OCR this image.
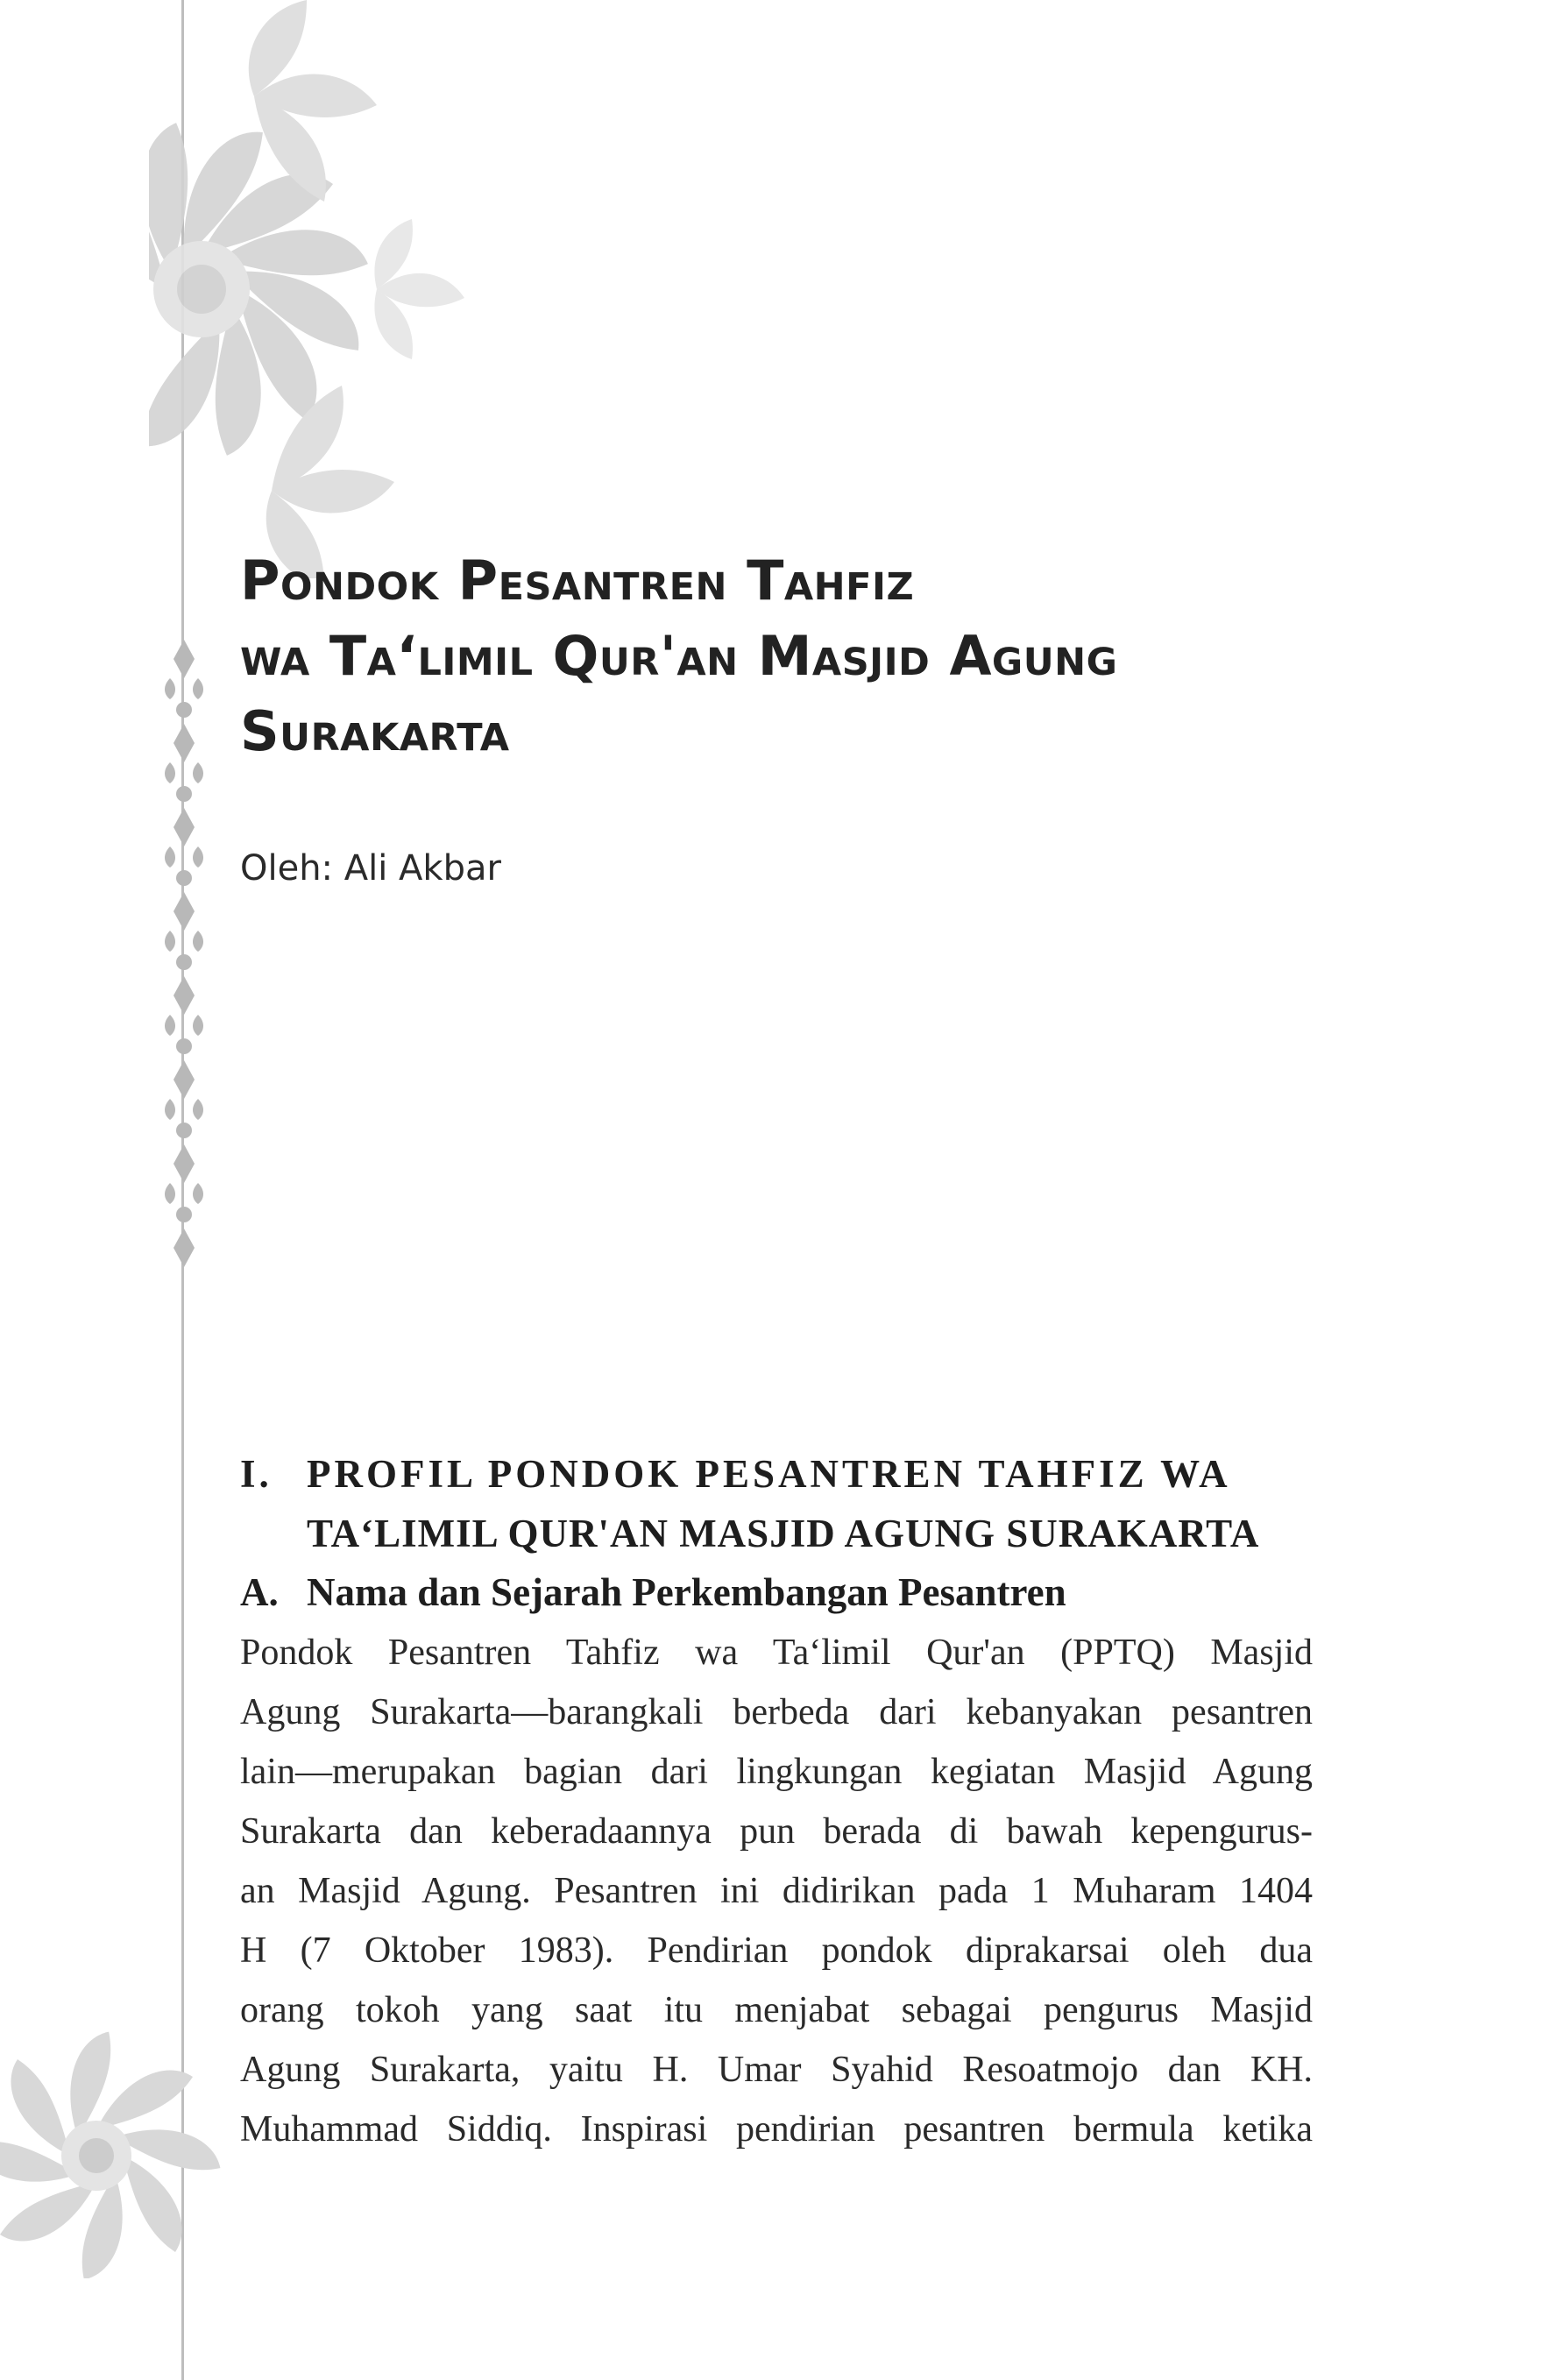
Pondok Pesantren Tahfiz
wa Ta‘limil Qur'an Masjid Agung
Surakarta
Oleh: Ali Akbar
I. PROFIL PONDOK PESANTREN TAHFIZ WA
TA‘LIMIL QUR'AN MASJID AGUNG SURAKARTA
A. Nama dan Sejarah Perkembangan Pesantren
Pondok Pesantren Tahfiz wa Ta‘limil Qur'an (PPTQ) Masjid
Agung Surakarta—barangkali berbeda dari kebanyakan pesantren
lain—merupakan bagian dari lingkungan kegiatan Masjid Agung
Surakarta dan keberadaannya pun berada di bawah kepengurus-
an Masjid Agung. Pesantren ini didirikan pada 1 Muharam 1404
H (7 Oktober 1983). Pendirian pondok diprakarsai oleh dua
orang tokoh yang saat itu menjabat sebagai pengurus Masjid
Agung Surakarta, yaitu H. Umar Syahid Resoatmojo dan KH.
Muhammad Siddiq. Inspirasi pendirian pesantren bermula ketika
